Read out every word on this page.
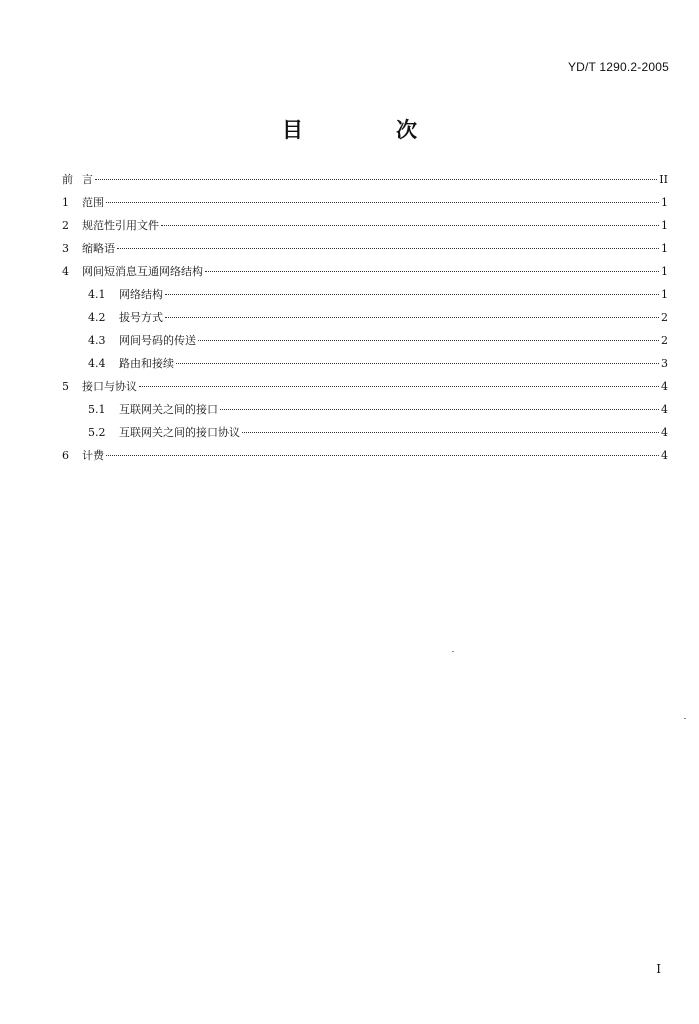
YD/T 1290.2-2005
目　次
前 言	II
1	范围	1
2	规范性引用文件	1
3	缩略语	1
4	网间短消息互通网络结构	1
4.1	网络结构	1
4.2	拔号方式	2
4.3	网间号码的传送	2
4.4	路由和接续	3
5	接口与协议	4
5.1	互联网关之间的接口	4
5.2	互联网关之间的接口协议	4
6	计费	4
I
